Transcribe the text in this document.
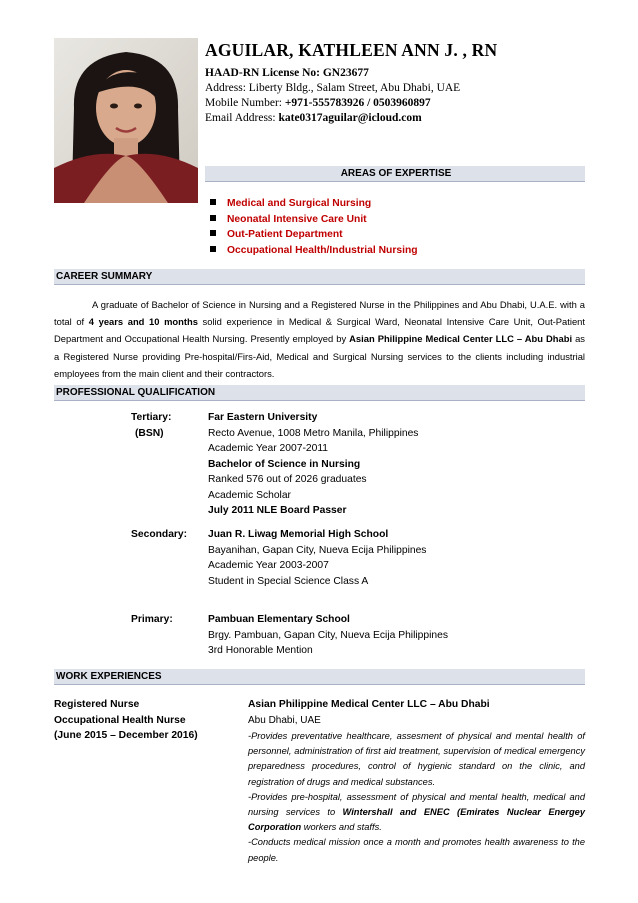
AGUILAR, KATHLEEN ANN J. , RN
HAAD-RN License No: GN23677
Address: Liberty Bldg., Salam Street, Abu Dhabi, UAE
Mobile Number: +971-555783926 / 0503960897
Email Address: kate0317aguilar@icloud.com
AREAS OF EXPERTISE
Medical and Surgical Nursing
Neonatal Intensive Care Unit
Out-Patient Department
Occupational Health/Industrial Nursing
CAREER SUMMARY
A graduate of Bachelor of Science in Nursing and a Registered Nurse in the Philippines and Abu Dhabi, U.A.E. with a total of 4 years and 10 months solid experience in Medical & Surgical Ward, Neonatal Intensive Care Unit, Out-Patient Department and Occupational Health Nursing. Presently employed by Asian Philippine Medical Center LLC – Abu Dhabi as a Registered Nurse providing Pre-hospital/Firs-Aid, Medical and Surgical Nursing services to the clients including industrial employees from the main client and their contractors.
PROFESSIONAL QUALIFICATION
Tertiary:
(BSN)
Far Eastern University
Recto Avenue, 1008 Metro Manila, Philippines
Academic Year 2007-2011
Bachelor of Science in Nursing
Ranked 576 out of 2026 graduates
Academic Scholar
July 2011 NLE Board Passer
Secondary: Juan R. Liwag Memorial High School
Bayanihan, Gapan City, Nueva Ecija Philippines
Academic Year 2003-2007
Student in Special Science Class A
Primary:	Pambuan Elementary School
Brgy. Pambuan, Gapan City, Nueva Ecija Philippines
3rd Honorable Mention
WORK EXPERIENCES
Registered Nurse
Occupational Health Nurse
(June 2015 – December 2016)
Asian Philippine Medical Center LLC – Abu Dhabi
Abu Dhabi, UAE

-Provides preventative healthcare, assesment of physical and mental health of personnel, administration of first aid treatment, supervision of medical emergency preparedness procedures, control of hygienic standard on the clinic, and registration of drugs and medical substances.

-Provides pre-hospital, assessment of physical and mental health, medical and nursing services to Wintershall and ENEC (Emirates Nuclear Energey Corporation workers and staffs.

-Conducts medical mission once a month and promotes health awareness to the people.
